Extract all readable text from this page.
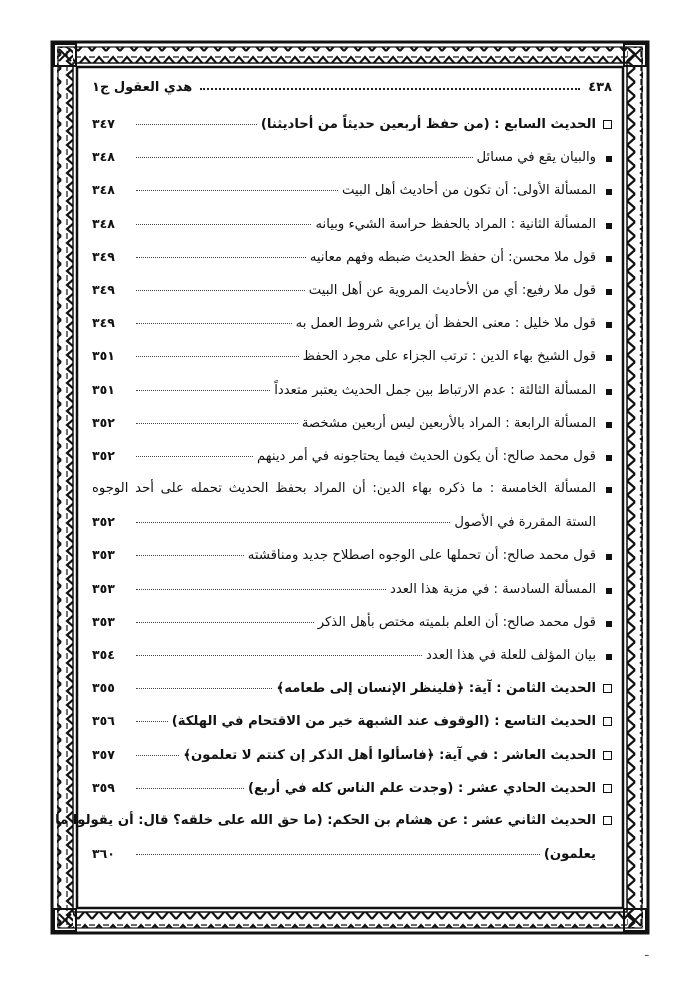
٤٣٨
هدي العقول ج١
الحديث السابع : (من حفظ أربعين حديثاً من أحاديثنا)
٣٤٧
والبيان يقع في مسائل
٣٤٨
المسألة الأولى: أن تكون من أحاديث أهل البيت
٣٤٨
المسألة الثانية : المراد بالحفظ حراسة الشيء وبيانه
٣٤٨
قول ملا محسن: أن حفظ الحديث ضبطه وفهم معانيه
٣٤٩
قول ملا رفيع: أي من الأحاديث المروية عن أهل البيت
٣٤٩
قول ملا خليل : معنى الحفظ أن يراعي شروط العمل به
٣٤٩
قول الشيخ بهاء الدين : ترتب الجزاء على مجرد الحفظ
٣٥١
المسألة الثالثة : عدم الارتباط بين جمل الحديث يعتبر متعدداً
٣٥١
المسألة الرابعة : المراد بالأربعين ليس أربعين مشخصة
٣٥٢
قول محمد صالح: أن يكون الحديث فيما يحتاجونه في أمر دينهم
٣٥٢
المسألة الخامسة : ما ذكره بهاء الدين: أن المراد بحفظ الحديث تحمله على أحد الوجوه
الستة المقررة في الأصول
٣٥٢
قول محمد صالح: أن تحملها على الوجوه اصطلاح جديد ومناقشته
٣٥٣
المسألة السادسة : في مزية هذا العدد
٣٥٣
قول محمد صالح: أن العلم بلميته مختص بأهل الذكر
٣٥٣
بيان المؤلف للعلة في هذا العدد
٣٥٤
الحديث الثامن : آية: ﴿فلينظر الإنسان إلى طعامه﴾
٣٥٥
الحديث التاسع : (الوقوف عند الشبهة خير من الاقتحام في الهلكة)
٣٥٦
الحديث العاشر : في آية: ﴿فاسألوا أهل الذكر إن كنتم لا تعلمون﴾
٣٥٧
الحديث الحادي عشر : (وجدت علم الناس كله في أربع)
٣٥٩
الحديث الثاني عشر : عن هشام بن الحكم: (ما حق الله على خلقه؟ قال: أن يقولوا ما
يعلمون)
٣٦٠
ـ
